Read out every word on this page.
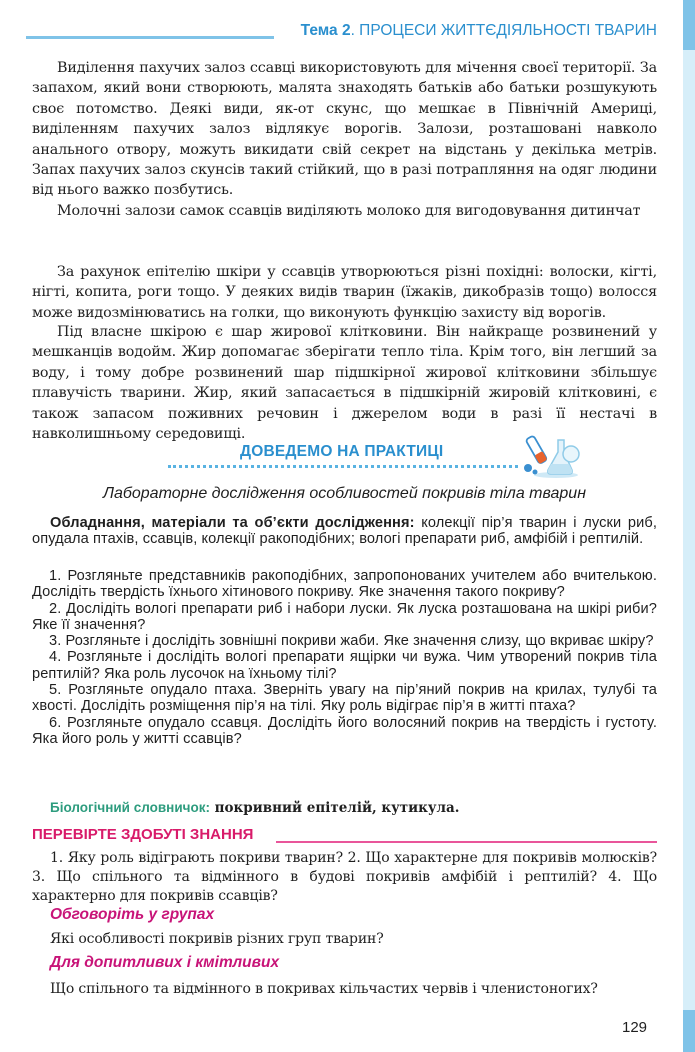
Тема 2. ПРОЦЕСИ ЖИТТЄДІЯЛЬНОСТІ ТВАРИН

Виділення пахучих залоз ссавці використовують для мічення своєї території. За запахом, який вони створюють, малята знаходять батьків або батьки розшукують своє потомство. Деякі види, як-от скунс, що мешкає в Північній Америці, виділенням пахучих залоз відлякує ворогів. Залози, розташовані навколо анального отвору, можуть викидати свій секрет на відстань у декілька метрів. Запах пахучих залоз скунсів такий стійкий, що в разі потрапляння на одяг людини від нього важко позбутись.

Молочні залози самок ссавців виділяють молоко для вигодовування дитинчат

За рахунок епітелію шкіри у ссавців утворюються різні похідні: волоски, кігті, нігті, копита, роги тощо. У деяких видів тварин (їжаків, дикобразів тощо) волосся може видозмінюватись на голки, що виконують функцію захисту від ворогів.

Під власне шкірою є шар жирової клітковини. Він найкраще розвинений у мешканців водойм. Жир допомагає зберігати тепло тіла. Крім того, він легший за воду, і тому добре розвинений шар підшкірної жирової клітковини збільшує плавучість тварини. Жир, який запасається в підшкірній жировій клітковині, є також запасом поживних речовин і джерелом води в разі її нестачі в навколишньому середовищі.

ДОВЕДЕМО НА ПРАКТИЦІ
Лабораторне дослідження особливостей покривів тіла тварин

Обладнання, матеріали та об’єкти дослідження: колекції пір’я тварин і луски риб, опудала птахів, ссавців, колекції ракоподібних; вологі препарати риб, амфібій і рептилій.

1. Розгляньте представників ракоподібних, запропонованих учителем або вчителькою. Дослідіть твердість їхнього хітинового покриву. Яке значення такого покриву?
2. Дослідіть вологі препарати риб і набори луски. Як луска розташована на шкірі риби? Яке її значення?
3. Розгляньте і дослідіть зовнішні покриви жаби. Яке значення слизу, що вкриває шкіру?
4. Розгляньте і дослідіть вологі препарати ящірки чи вужа. Чим утворений покрив тіла рептилій? Яка роль лусочок на їхньому тілі?
5. Розгляньте опудало птаха. Зверніть увагу на пір’яний покрив на крилах, тулубі та хвості. Дослідіть розміщення пір’я на тілі. Яку роль відіграє пір’я в житті птаха?
6. Розгляньте опудало ссавця. Дослідіть його волосяний покрив на твердість і густоту. Яка його роль у житті ссавців?
Біологічний словничок: покривний епітелій, кутикула.
ПЕРЕВІРТЕ ЗДОБУТІ ЗНАННЯ

1. Яку роль відіграють покриви тварин? 2. Що характерне для покривів молюсків? 3. Що спільного та відмінного в будові покривів амфібій і рептилій? 4. Що характерно для покривів ссавців?

Обговоріть у групах

Які особливості покривів різних груп тварин?

Для допитливих і кмітливих

Що спільного та відмінного в покривах кільчастих червів і членистоногих?

129
